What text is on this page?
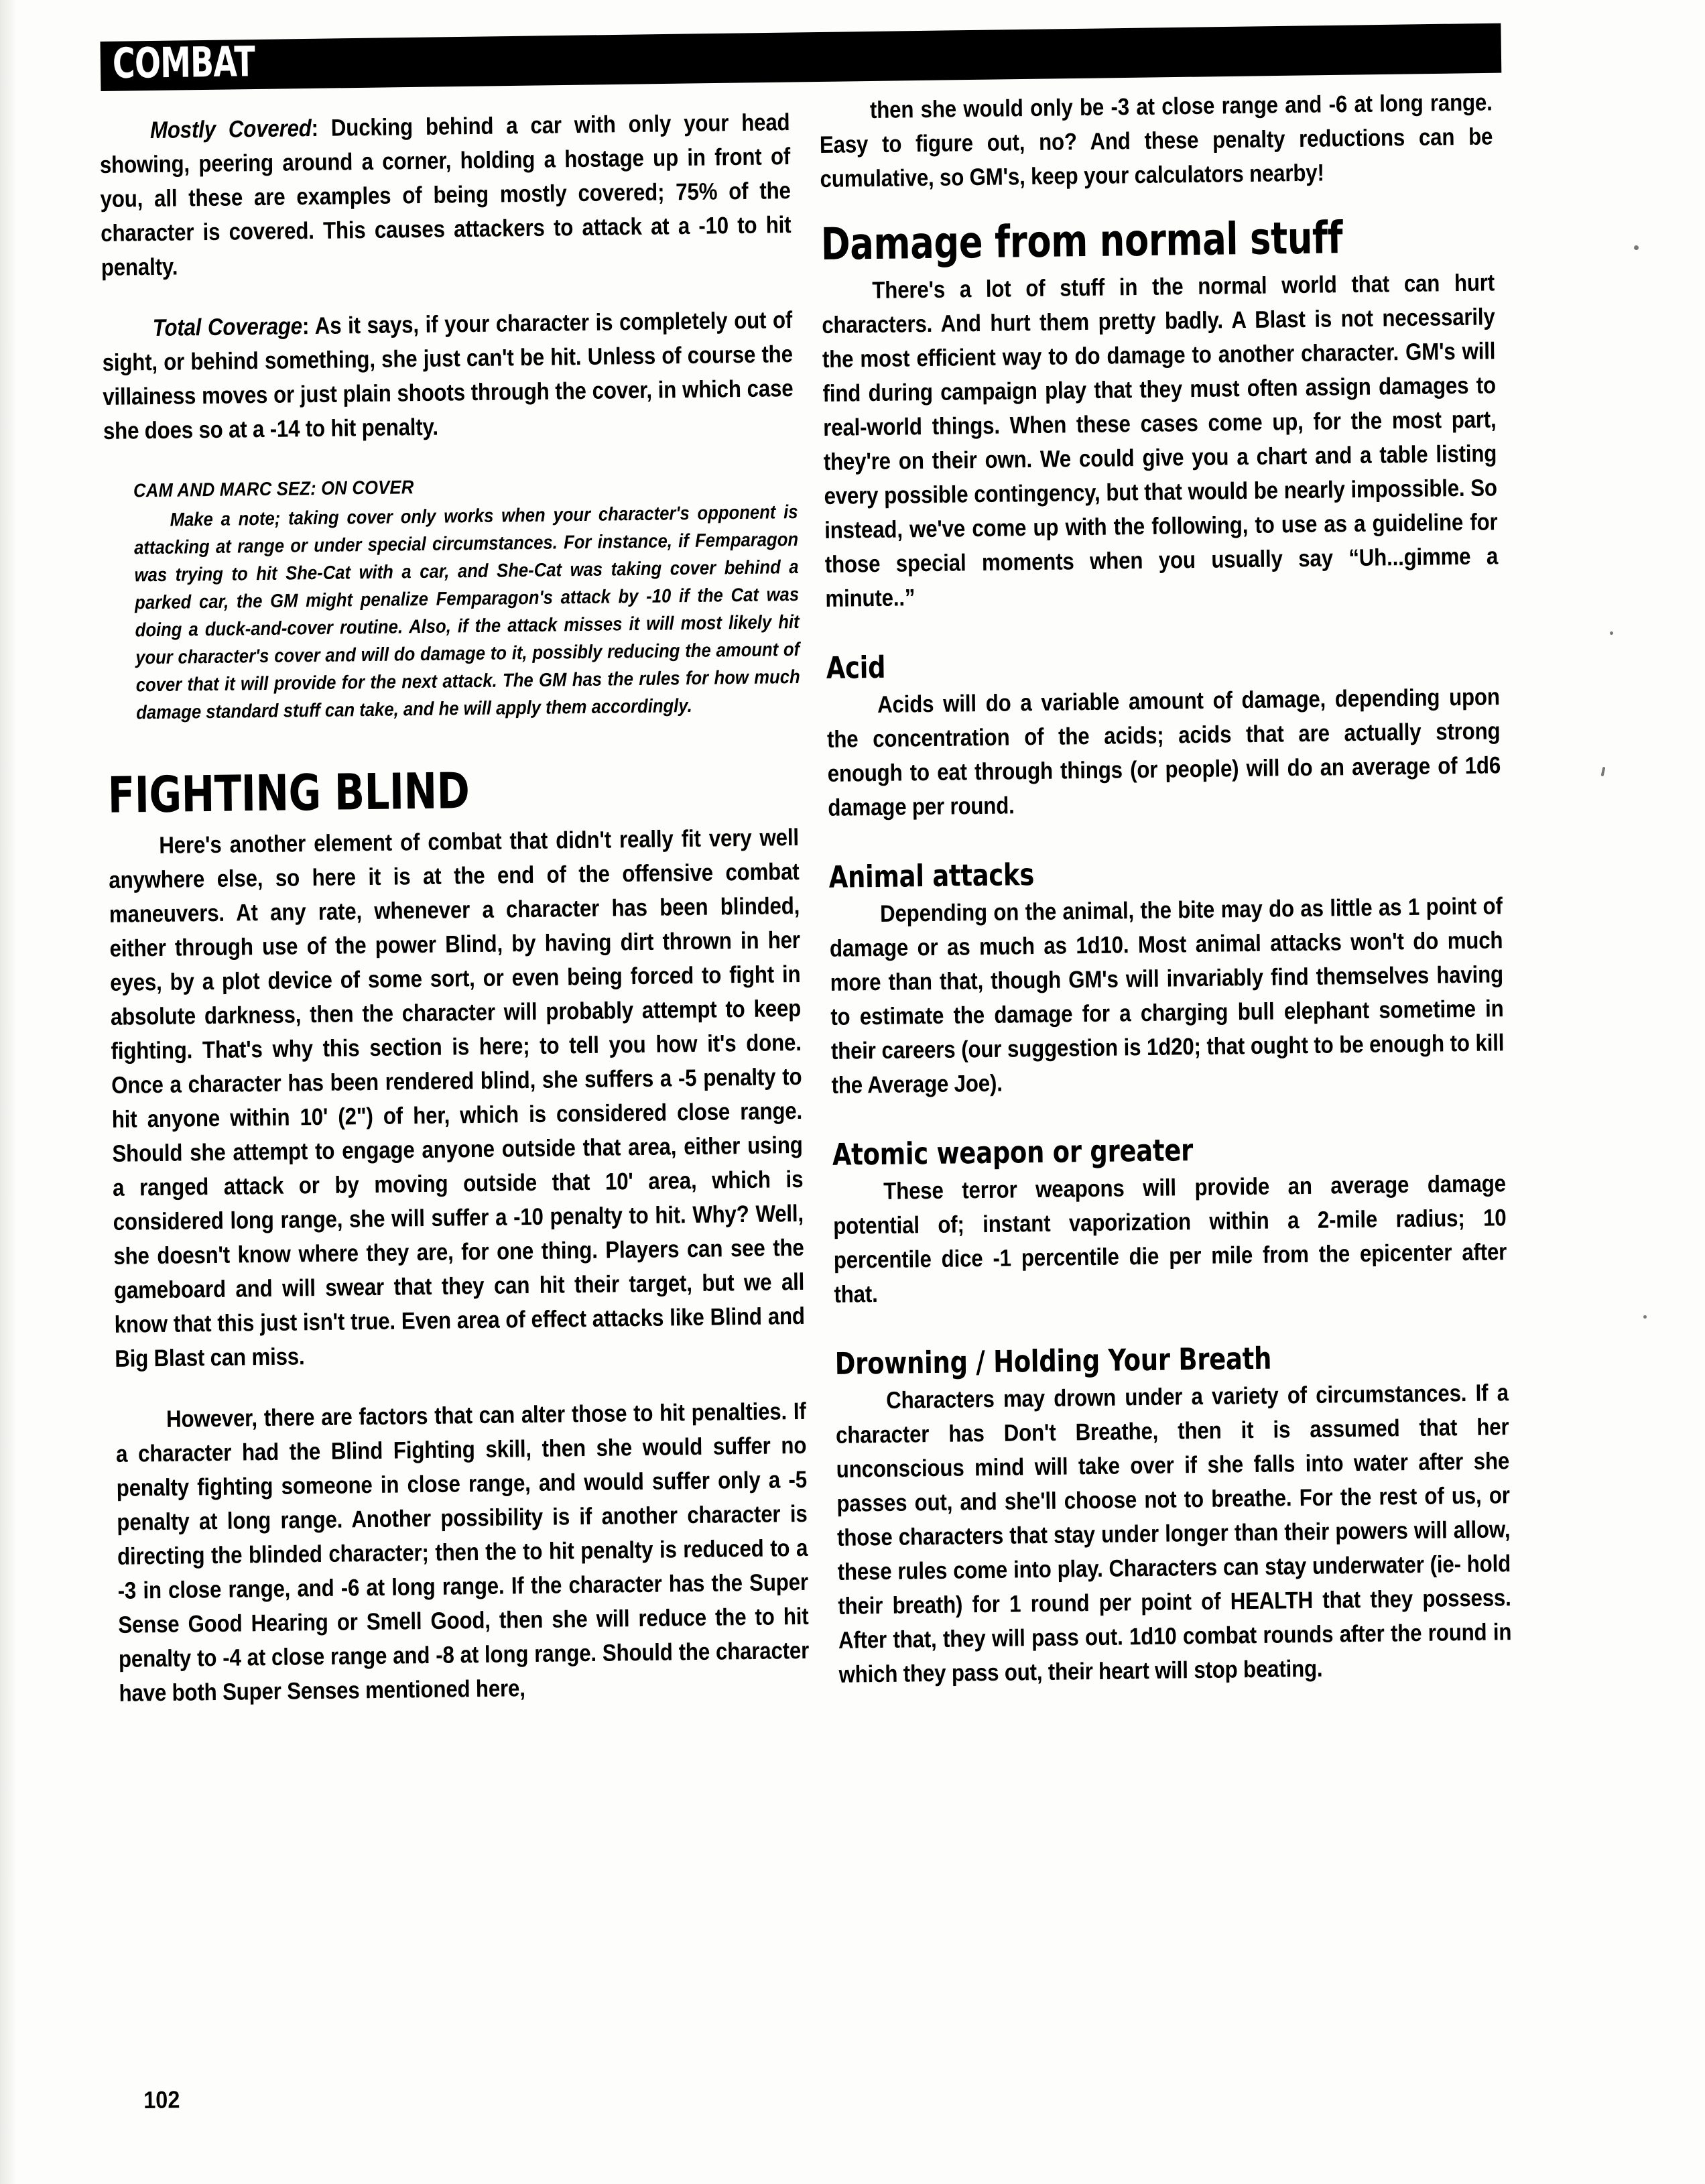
COMBAT

Mostly Covered: Ducking behind a car with only your head showing, peering around a corner, holding a hostage up in front of you, all these are examples of being mostly covered; 75% of the character is covered. This causes attackers to attack at a -10 to hit penalty.

Total Coverage: As it says, if your character is completely out of sight, or behind something, she just can't be hit. Unless of course the villainess moves or just plain shoots through the cover, in which case she does so at a -14 to hit penalty.

CAM AND MARC SEZ: ON COVER

Make a note; taking cover only works when your character's opponent is attacking at range or under special circumstances. For instance, if Femparagon was trying to hit She-Cat with a car, and She-Cat was taking cover behind a parked car, the GM might penalize Femparagon's attack by -10 if the Cat was doing a duck-and-cover routine. Also, if the attack misses it will most likely hit your character's cover and will do damage to it, possibly reducing the amount of cover that it will provide for the next attack. The GM has the rules for how much damage standard stuff can take, and he will apply them accordingly.

FIGHTING BLIND

Here's another element of combat that didn't really fit very well anywhere else, so here it is at the end of the offensive combat maneuvers. At any rate, whenever a character has been blinded, either through use of the power Blind, by having dirt thrown in her eyes, by a plot device of some sort, or even being forced to fight in absolute darkness, then the character will probably attempt to keep fighting. That's why this section is here; to tell you how it's done. Once a character has been rendered blind, she suffers a -5 penalty to hit anyone within 10' (2") of her, which is considered close range. Should she attempt to engage anyone outside that area, either using a ranged attack or by moving outside that 10' area, which is considered long range, she will suffer a -10 penalty to hit. Why? Well, she doesn't know where they are, for one thing. Players can see the gameboard and will swear that they can hit their target, but we all know that this just isn't true. Even area of effect attacks like Blind and Big Blast can miss.

However, there are factors that can alter those to hit penalties. If a character had the Blind Fighting skill, then she would suffer no penalty fighting someone in close range, and would suffer only a -5 penalty at long range. Another possibility is if another character is directing the blinded character; then the to hit penalty is reduced to a -3 in close range, and -6 at long range. If the character has the Super Sense Good Hearing or Smell Good, then she will reduce the to hit penalty to -4 at close range and -8 at long range. Should the character have both Super Senses mentioned here,

then she would only be -3 at close range and -6 at long range. Easy to figure out, no? And these penalty reductions can be cumulative, so GM's, keep your calculators nearby!

Damage from normal stuff

There's a lot of stuff in the normal world that can hurt characters. And hurt them pretty badly. A Blast is not necessarily the most efficient way to do damage to another character. GM's will find during campaign play that they must often assign damages to real-world things. When these cases come up, for the most part, they're on their own. We could give you a chart and a table listing every possible contingency, but that would be nearly impossible. So instead, we've come up with the following, to use as a guideline for those special moments when you usually say “Uh...gimme a minute..”

Acid

Acids will do a variable amount of damage, depending upon the concentration of the acids; acids that are actually strong enough to eat through things (or people) will do an average of 1d6 damage per round.

Animal attacks

Depending on the animal, the bite may do as little as 1 point of damage or as much as 1d10. Most animal attacks won't do much more than that, though GM's will invariably find themselves having to estimate the damage for a charging bull elephant sometime in their careers (our suggestion is 1d20; that ought to be enough to kill the Average Joe).

Atomic weapon or greater

These terror weapons will provide an average damage potential of; instant vaporization within a 2-mile radius; 10 percentile dice -1 percentile die per mile from the epicenter after that.

Drowning / Holding Your Breath

Characters may drown under a variety of circumstances. If a character has Don't Breathe, then it is assumed that her unconscious mind will take over if she falls into water after she passes out, and she'll choose not to breathe. For the rest of us, or those characters that stay under longer than their powers will allow, these rules come into play. Characters can stay underwater (ie- hold their breath) for 1 round per point of HEALTH that they possess. After that, they will pass out. 1d10 combat rounds after the round in which they pass out, their heart will stop beating.

102
